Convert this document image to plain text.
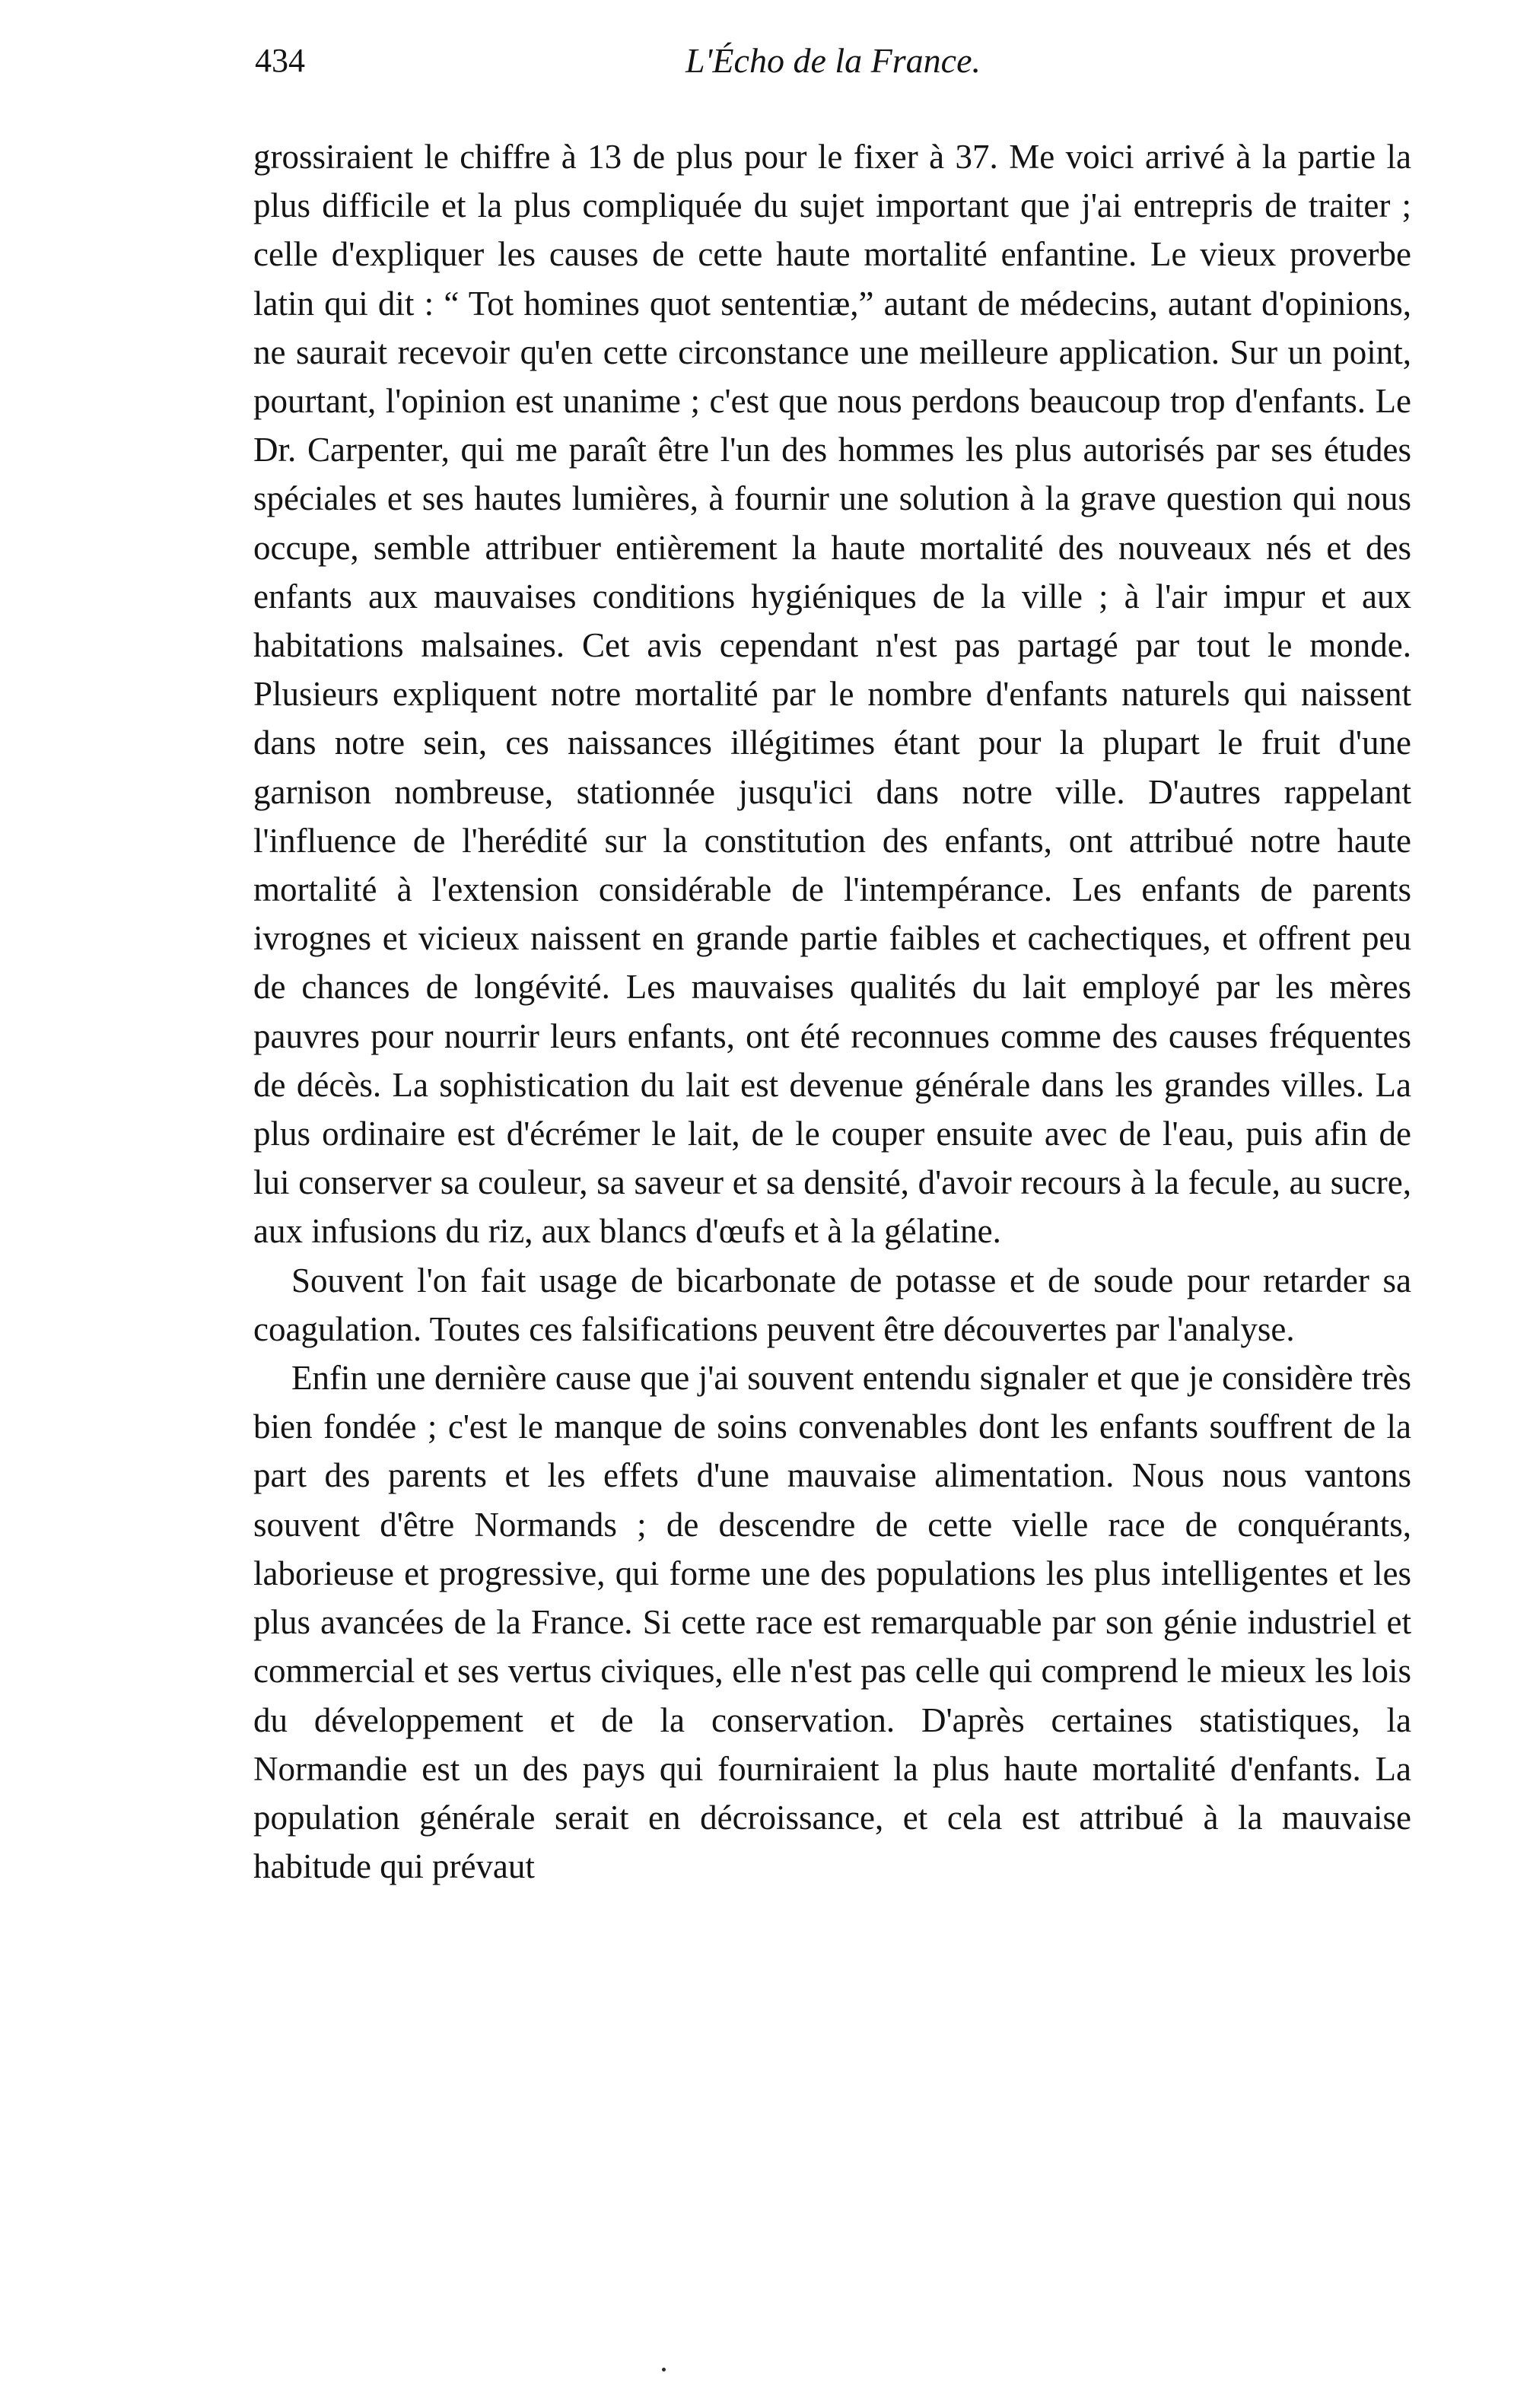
434	L'Écho de la France.

grossiraient le chiffre à 13 de plus pour le fixer à 37. Me voici arrivé à la partie la plus difficile et la plus compliquée du sujet important que j'ai entrepris de traiter ; celle d'expliquer les causes de cette haute mortalité enfantine. Le vieux proverbe latin qui dit : “ Tot homines quot sententiæ,” autant de médecins, autant d'opinions, ne saurait recevoir qu'en cette circonstance une meilleure application. Sur un point, pourtant, l'opinion est unanime ; c'est que nous perdons beaucoup trop d'enfants. Le Dr. Carpenter, qui me paraît être l'un des hommes les plus autorisés par ses études spéciales et ses hautes lumières, à fournir une solution à la grave question qui nous occupe, semble attribuer entièrement la haute mortalité des nouveaux nés et des enfants aux mauvaises conditions hygiéniques de la ville ; à l'air impur et aux habitations malsaines. Cet avis cependant n'est pas partagé par tout le monde. Plusieurs expliquent notre mortalité par le nombre d'enfants naturels qui naissent dans notre sein, ces naissances illégitimes étant pour la plupart le fruit d'une garnison nombreuse, stationnée jusqu'ici dans notre ville. D'autres rappelant l'influence de l'herédité sur la constitution des enfants, ont attribué notre haute mortalité à l'extension considérable de l'intempérance. Les enfants de parents ivrognes et vicieux naissent en grande partie faibles et cachectiques, et offrent peu de chances de longévité. Les mauvaises qualités du lait employé par les mères pauvres pour nourrir leurs enfants, ont été reconnues comme des causes fréquentes de décès. La sophistication du lait est devenue générale dans les grandes villes. La plus ordinaire est d'écrémer le lait, de le couper ensuite avec de l'eau, puis afin de lui conserver sa couleur, sa saveur et sa densité, d'avoir recours à la fecule, au sucre, aux infusions du riz, aux blancs d'œufs et à la gélatine.

Souvent l'on fait usage de bicarbonate de potasse et de soude pour retarder sa coagulation. Toutes ces falsifications peuvent être découvertes par l'analyse.

Enfin une dernière cause que j'ai souvent entendu signaler et que je considère très bien fondée ; c'est le manque de soins convenables dont les enfants souffrent de la part des parents et les effets d'une mauvaise alimentation. Nous nous vantons souvent d'être Normands ; de descendre de cette vielle race de conquérants, laborieuse et progressive, qui forme une des populations les plus intelligentes et les plus avancées de la France. Si cette race est remarquable par son génie industriel et commercial et ses vertus civiques, elle n'est pas celle qui comprend le mieux les lois du développement et de la conservation. D'après certaines statistiques, la Normandie est un des pays qui fourniraient la plus haute mortalité d'enfants. La population générale serait en décroissance, et cela est attribué à la mauvaise habitude qui prévaut
